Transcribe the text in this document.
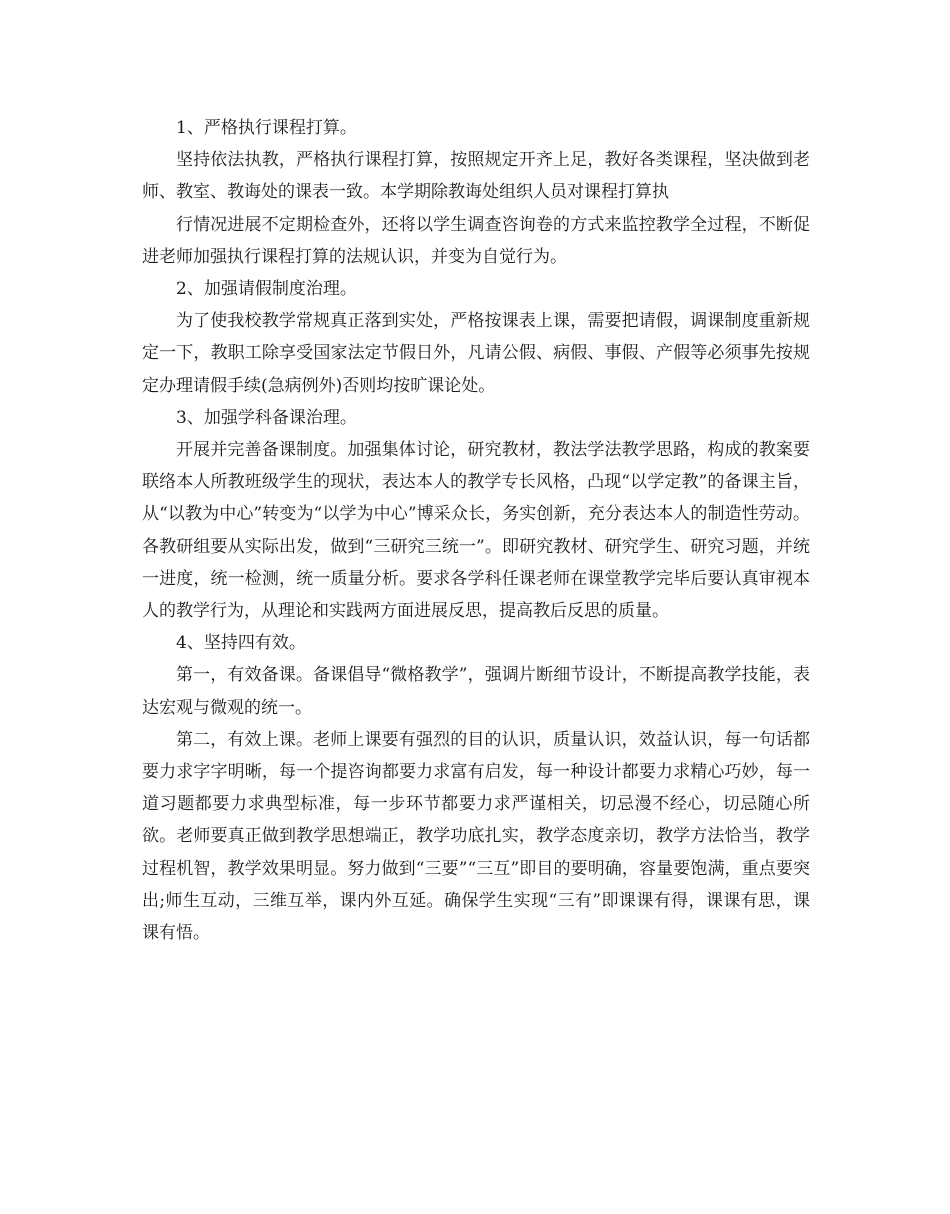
1、严格执行课程打算。

坚持依法执教，严格执行课程打算，按照规定开齐上足，教好各类课程，坚决做到老师、教室、教诲处的课表一致。本学期除教诲处组织人员对课程打算执

行情况进展不定期检查外，还将以学生调查咨询卷的方式来监控教学全过程，不断促进老师加强执行课程打算的法规认识，并变为自觉行为。

2、加强请假制度治理。

为了使我校教学常规真正落到实处，严格按课表上课，需要把请假，调课制度重新规定一下，教职工除享受国家法定节假日外，凡请公假、病假、事假、产假等必须事先按规定办理请假手续(急病例外)否则均按旷课论处。

3、加强学科备课治理。

开展并完善备课制度。加强集体讨论，研究教材，教法学法教学思路，构成的教案要联络本人所教班级学生的现状，表达本人的教学专长风格，凸现“以学定教”的备课主旨，从“以教为中心”转变为“以学为中心”博采众长，务实创新，充分表达本人的制造性劳动。各教研组要从实际出发，做到“三研究三统一”。即研究教材、研究学生、研究习题，并统一进度，统一检测，统一质量分析。要求各学科任课老师在课堂教学完毕后要认真审视本人的教学行为，从理论和实践两方面进展反思，提高教后反思的质量。

4、坚持四有效。

第一，有效备课。备课倡导“微格教学”，强调片断细节设计，不断提高教学技能，表达宏观与微观的统一。

第二，有效上课。老师上课要有强烈的目的认识，质量认识，效益认识，每一句话都要力求字字明晰，每一个提咨询都要力求富有启发，每一种设计都要力求精心巧妙，每一道习题都要力求典型标准，每一步环节都要力求严谨相关，切忌漫不经心，切忌随心所欲。老师要真正做到教学思想端正，教学功底扎实，教学态度亲切，教学方法恰当，教学过程机智，教学效果明显。努力做到“三要”“三互”即目的要明确，容量要饱满，重点要突出;师生互动，三维互举，课内外互延。确保学生实现“三有”即课课有得，课课有思，课课有悟。
